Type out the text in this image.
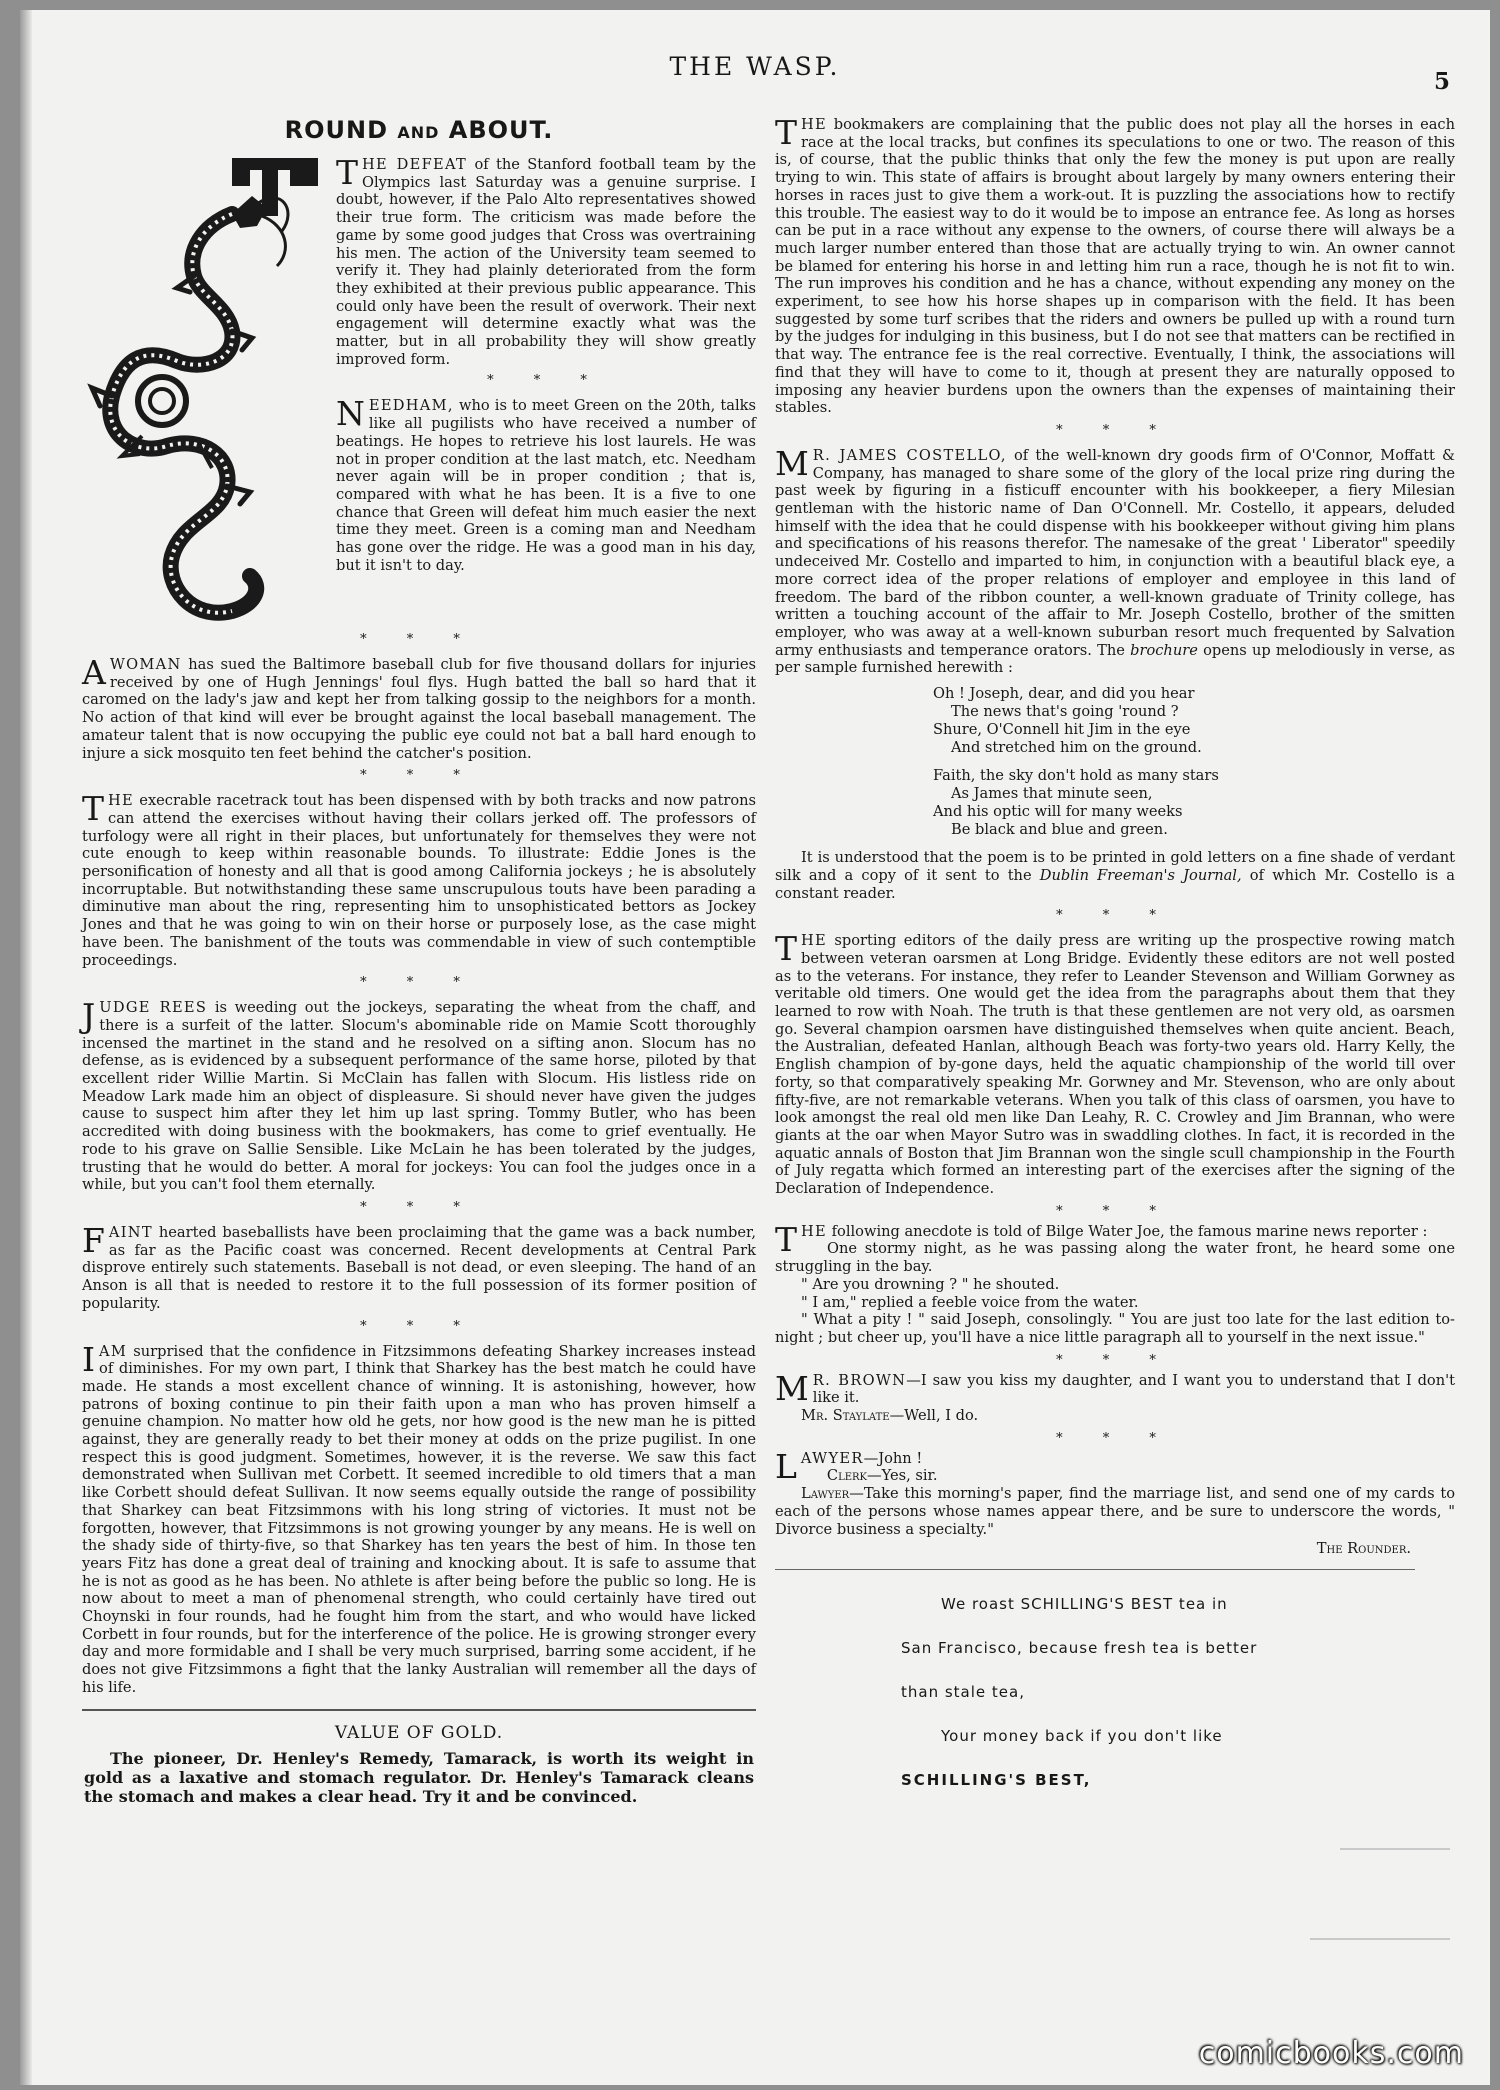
THE WASP.
5
ROUND AND ABOUT.

THE DEFEAT of the Stanford football team by the Olympics last Saturday was a genuine surprise. I doubt, however, if the Palo Alto representatives showed their true form. The criticism was made before the game by some good judges that Cross was overtraining his men. The action of the University team seemed to verify it. They had plainly deteriorated from the form they exhibited at their previous public appearance. This could only have been the result of overwork. Their next engagement will determine exactly what was the matter, but in all probability they will show greatly improved form.

* * *

NEEDHAM, who is to meet Green on the 20th, talks like all pugilists who have received a number of beatings. He hopes to retrieve his lost laurels. He was not in proper condition at the last match, etc. Needham never again will be in proper condition ; that is, compared with what he has been. It is a five to one chance that Green will defeat him much easier the next time they meet. Green is a coming man and Needham has gone over the ridge. He was a good man in his day, but it isn't to day.

* * *

AWOMAN has sued the Baltimore baseball club for five thousand dollars for injuries received by one of Hugh Jennings' foul flys. Hugh batted the ball so hard that it caromed on the lady's jaw and kept her from talking gossip to the neighbors for a month. No action of that kind will ever be brought against the local baseball management. The amateur talent that is now occupying the public eye could not bat a ball hard enough to injure a sick mosquito ten feet behind the catcher's position.

* * *

THE execrable racetrack tout has been dispensed with by both tracks and now patrons can attend the exercises without having their collars jerked off. The professors of turfology were all right in their places, but unfortunately for themselves they were not cute enough to keep within reasonable bounds. To illustrate: Eddie Jones is the personification of honesty and all that is good among California jockeys ; he is absolutely incorruptable. But notwithstanding these same unscrupulous touts have been parading a diminutive man about the ring, representing him to unsophisticated bettors as Jockey Jones and that he was going to win on their horse or purposely lose, as the case might have been. The banishment of the touts was commendable in view of such contemptible proceedings.

* * *

JUDGE REES is weeding out the jockeys, separating the wheat from the chaff, and there is a surfeit of the latter. Slocum's abominable ride on Mamie Scott thoroughly incensed the martinet in the stand and he resolved on a sifting anon. Slocum has no defense, as is evidenced by a subsequent performance of the same horse, piloted by that excellent rider Willie Martin. Si McClain has fallen with Slocum. His listless ride on Meadow Lark made him an object of displeasure. Si should never have given the judges cause to suspect him after they let him up last spring. Tommy Butler, who has been accredited with doing business with the bookmakers, has come to grief eventually. He rode to his grave on Sallie Sensible. Like McLain he has been tolerated by the judges, trusting that he would do better. A moral for jockeys: You can fool the judges once in a while, but you can't fool them eternally.

* * *

FAINT hearted baseballists have been proclaiming that the game was a back number, as far as the Pacific coast was concerned. Recent developments at Central Park disprove entirely such statements. Baseball is not dead, or even sleeping. The hand of an Anson is all that is needed to restore it to the full possession of its former position of popularity.

* * *

I AM surprised that the confidence in Fitzsimmons defeating Sharkey increases instead of diminishes. For my own part, I think that Sharkey has the best match he could have made. He stands a most excellent chance of winning. It is astonishing, however, how patrons of boxing continue to pin their faith upon a man who has proven himself a genuine champion. No matter how old he gets, nor how good is the new man he is pitted against, they are generally ready to bet their money at odds on the prize pugilist. In one respect this is good judgment. Sometimes, however, it is the reverse. We saw this fact demonstrated when Sullivan met Corbett. It seemed incredible to old timers that a man like Corbett should defeat Sullivan. It now seems equally outside the range of possibility that Sharkey can beat Fitzsimmons with his long string of victories. It must not be forgotten, however, that Fitzsimmons is not growing younger by any means. He is well on the shady side of thirty-five, so that Sharkey has ten years the best of him. In those ten years Fitz has done a great deal of training and knocking about. It is safe to assume that he is not as good as he has been. No athlete is after being before the public so long. He is now about to meet a man of phenomenal strength, who could certainly have tired out Choynski in four rounds, had he fought him from the start, and who would have licked Corbett in four rounds, but for the interference of the police. He is growing stronger every day and more formidable and I shall be very much surprised, barring some accident, if he does not give Fitzsimmons a fight that the lanky Australian will remember all the days of his life.

VALUE OF GOLD.

The pioneer, Dr. Henley's Remedy, Tamarack, is worth its weight in gold as a laxative and stomach regulator. Dr. Henley's Tamarack cleans the stomach and makes a clear head. Try it and be convinced.

THE bookmakers are complaining that the public does not play all the horses in each race at the local tracks, but confines its speculations to one or two. The reason of this is, of course, that the public thinks that only the few the money is put upon are really trying to win. This state of affairs is brought about largely by many owners entering their horses in races just to give them a work-out. It is puzzling the associations how to rectify this trouble. The easiest way to do it would be to impose an entrance fee. As long as horses can be put in a race without any expense to the owners, of course there will always be a much larger number entered than those that are actually trying to win. An owner cannot be blamed for entering his horse in and letting him run a race, though he is not fit to win. The run improves his condition and he has a chance, without expending any money on the experiment, to see how his horse shapes up in comparison with the field. It has been suggested by some turf scribes that the riders and owners be pulled up with a round turn by the judges for indulging in this business, but I do not see that matters can be rectified in that way. The entrance fee is the real corrective. Eventually, I think, the associations will find that they will have to come to it, though at present they are naturally opposed to imposing any heavier burdens upon the owners than the expenses of maintaining their stables.

* * *

M R. JAMES COSTELLO, of the well-known dry goods firm of O'Connor, Moffatt & Company, has managed to share some of the glory of the local prize ring during the past week by figuring in a fisticuff encounter with his bookkeeper, a fiery Milesian gentleman with the historic name of Dan O'Connell. Mr. Costello, it appears, deluded himself with the idea that he could dispense with his bookkeeper without giving him plans and specifications of his reasons therefor. The namesake of the great ' Liberator" speedily undeceived Mr. Costello and imparted to him, in conjunction with a beautiful black eye, a more correct idea of the proper relations of employer and employee in this land of freedom. The bard of the ribbon counter, a well-known graduate of Trinity college, has written a touching account of the affair to Mr. Joseph Costello, brother of the smitten employer, who was away at a well-known suburban resort much frequented by Salvation army enthusiasts and temperance orators. The brochure opens up melodiously in verse, as per sample furnished herewith :

Oh ! Joseph, dear, and did you hear
The news that's going 'round ?
Shure, O'Connell hit Jim in the eye
And stretched him on the ground.
Faith, the sky don't hold as many stars
As James that minute seen,
And his optic will for many weeks
Be black and blue and green.

It is understood that the poem is to be printed in gold letters on a fine shade of verdant silk and a copy of it sent to the Dublin Freeman's Journal, of which Mr. Costello is a constant reader.

* * *

THE sporting editors of the daily press are writing up the prospective rowing match between veteran oarsmen at Long Bridge. Evidently these editors are not well posted as to the veterans. For instance, they refer to Leander Stevenson and William Gorwney as veritable old timers. One would get the idea from the paragraphs about them that they learned to row with Noah. The truth is that these gentlemen are not very old, as oarsmen go. Several champion oarsmen have distinguished themselves when quite ancient. Beach, the Australian, defeated Hanlan, although Beach was forty-two years old. Harry Kelly, the English champion of by-gone days, held the aquatic championship of the world till over forty, so that comparatively speaking Mr. Gorwney and Mr. Stevenson, who are only about fifty-five, are not remarkable veterans. When you talk of this class of oarsmen, you have to look amongst the real old men like Dan Leahy, R. C. Crowley and Jim Brannan, who were giants at the oar when Mayor Sutro was in swaddling clothes. In fact, it is recorded in the aquatic annals of Boston that Jim Brannan won the single scull championship in the Fourth of July regatta which formed an interesting part of the exercises after the signing of the Declaration of Independence.

* * *

THE following anecdote is told of Bilge Water Joe, the famous marine news reporter :

One stormy night, as he was passing along the water front, he heard some one struggling in the bay.

" Are you drowning ? " he shouted.

" I am," replied a feeble voice from the water.

" What a pity ! " said Joseph, consolingly. " You are just too late for the last edition to-night ; but cheer up, you'll have a nice little paragraph all to yourself in the next issue."

* * *

M R. BROWN—I saw you kiss my daughter, and I want you to understand that I don't like it.

Mr. Staylate—Well, I do.

* * *

LAWYER—John !

Clerk—Yes, sir.

Lawyer—Take this morning's paper, find the marriage list, and send one of my cards to each of the persons whose names appear there, and be sure to underscore the words, " Divorce business a specialty."

The Rounder.
We roast SCHILLING'S BEST tea in
San Francisco, because fresh tea is better
than stale tea,
Your money back if you don't like
SCHILLING'S BEST,
comicbooks.com
